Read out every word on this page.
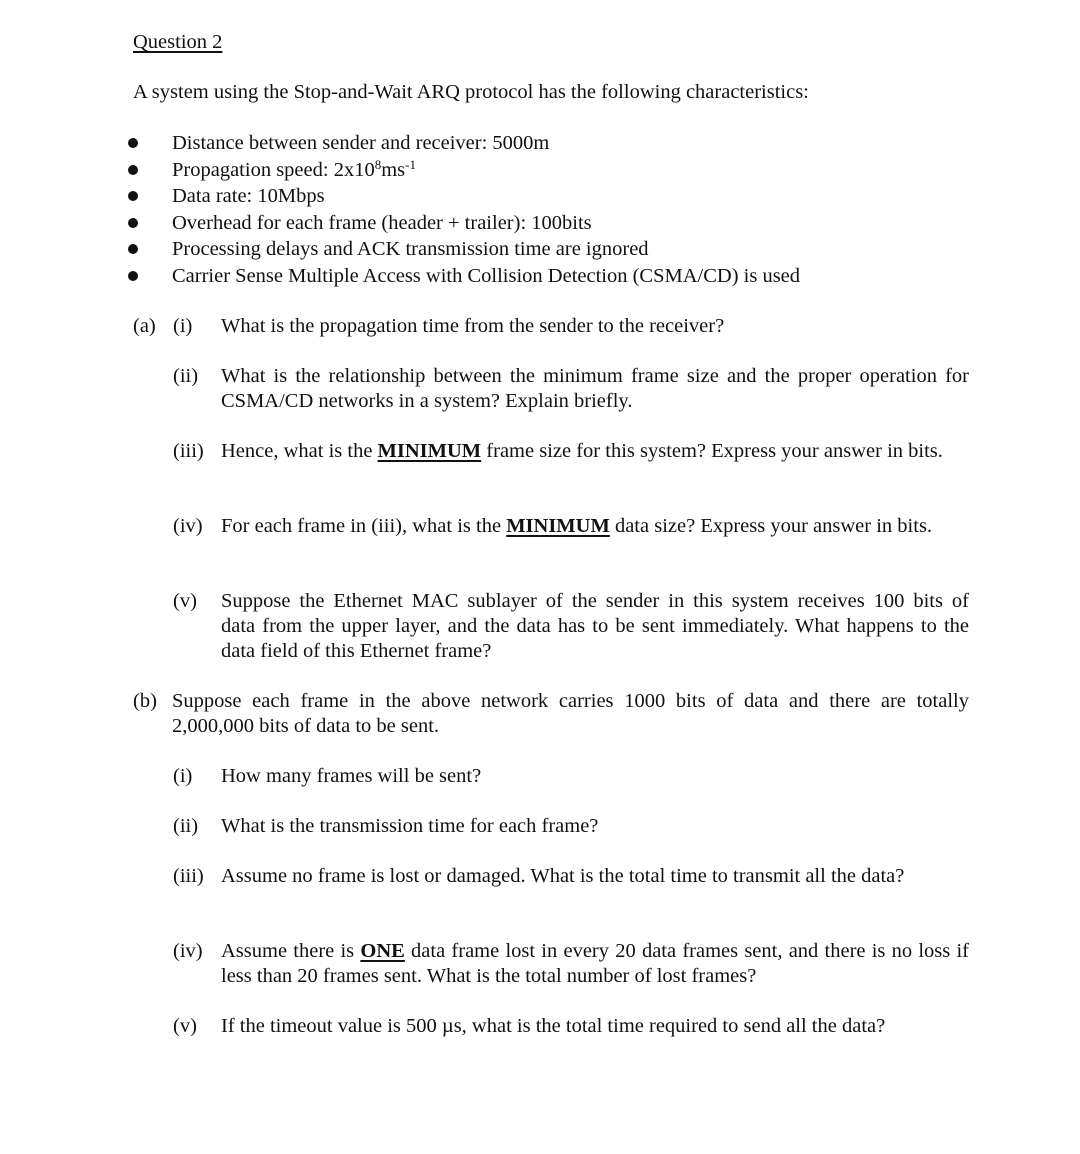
Question 2
A system using the Stop-and-Wait ARQ protocol has the following characteristics:
Distance between sender and receiver: 5000m
Propagation speed: $2x10^8ms^{-1}$
Data rate: 10Mbps
Overhead for each frame (header + trailer): 100bits
Processing delays and ACK transmission time are ignored
Carrier Sense Multiple Access with Collision Detection (CSMA/CD) is used
(a) (i) What is the propagation time from the sender to the receiver?
(ii) What is the relationship between the minimum frame size and the proper operation for
CSMA/CD networks in a system? Explain briefly.
(iii) Hence, what is the MINIMUM frame size for this system? Express your answer in bits.
(iv) For each frame in (iii), what is the MINIMUM data size? Express your answer in bits.
(v) Suppose the Ethernet MAC sublayer of the sender in this system receives 100 bits of
data from the upper layer, and the data has to be sent immediately. What happens to the
data field of this Ethernet frame?
(b) Suppose each frame in the above network carries 1000 bits of data and there are totally
2,000,000 bits of data to be sent.
(i) How many frames will be sent?
(ii) What is the transmission time for each frame?
(iii) Assume no frame is lost or damaged. What is the total time to transmit all the data?
(iv) Assume there is ONE data frame lost in every 20 data frames sent, and there is no loss if
less than 20 frames sent. What is the total number of lost frames?
(v) If the timeout value is 500 µs, what is the total time required to send all the data?
